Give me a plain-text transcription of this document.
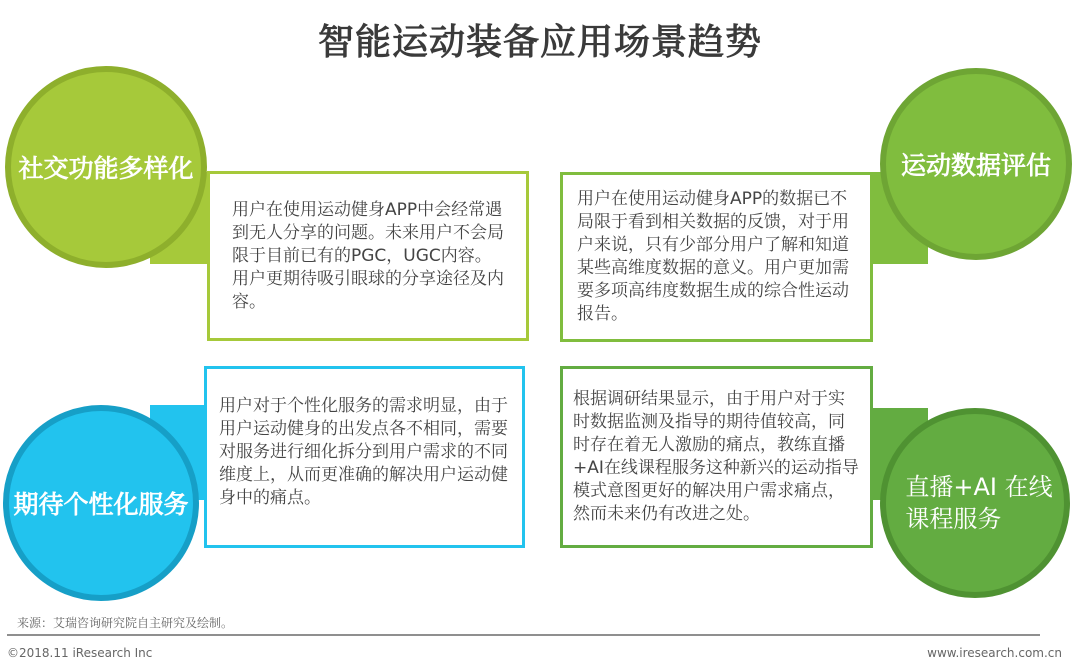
智能运动装备应用场景趋势
社交功能多样化

用户在使用运动健身APP中会经常遇到无人分享的问题。未来用户不会局限于目前已有的PGC，UGC内容。用户更期待吸引眼球的分享途径及内容。

运动数据评估

用户在使用运动健身APP的数据已不局限于看到相关数据的反馈，对于用户来说，只有少部分用户了解和知道某些高维度数据的意义。用户更加需要多项高纬度数据生成的综合性运动报告。

期待个性化服务

用户对于个性化服务的需求明显，由于用户运动健身的出发点各不相同，需要对服务进行细化拆分到用户需求的不同维度上，从而更准确的解决用户运动健身中的痛点。	直播+AI 在线
课程服务

根据调研结果显示，由于用户对于实时数据监测及指导的期待值较高，同时存在着无人激励的痛点，教练直播+AI在线课程服务这种新兴的运动指导模式意图更好的解决用户需求痛点，然而未来仍有改进之处。

来源：艾瑞咨询研究院自主研究及绘制。
©2018.11 iResearch Inc	www.iresearch.com.cn
